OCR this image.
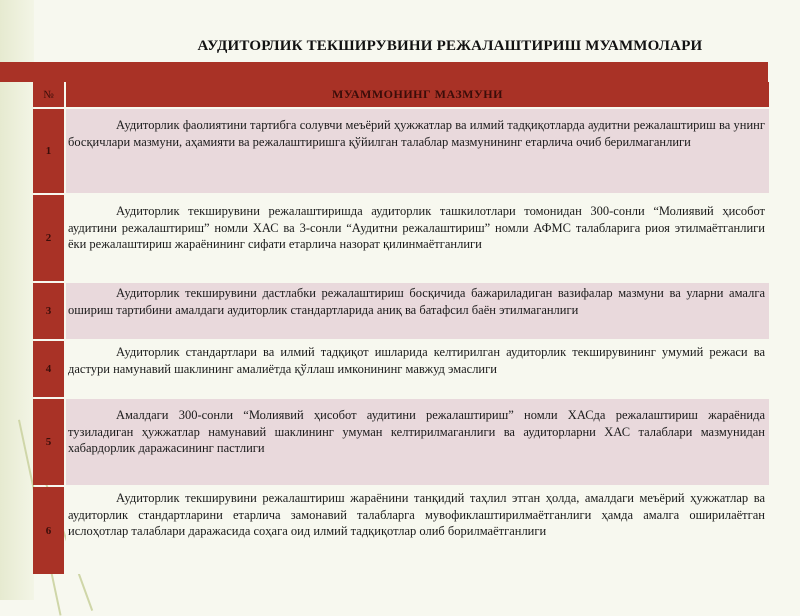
АУДИТОРЛИК ТЕКШИРУВИНИ РЕЖАЛАШТИРИШ МУАММОЛАРИ
№	МУАММОНИНГ МАЗМУНИ
1
Аудиторлик фаолиятини тартибга солувчи меъёрий ҳужжатлар ва илмий тадқиқотларда аудитни режалаштириш ва унинг босқичлари мазмуни, аҳамияти ва режалаштиришга қўйилган талаблар мазмунининг етарлича очиб берилмаганлиги
2
Аудиторлик текширувини режалаштиришда аудиторлик ташкилотлари томонидан 300-сонли “Молиявий ҳисобот аудитини режалаштириш” номли ХАС ва 3-сонли “Аудитни режалаштириш” номли АФМС талабларига риоя этилмаётганлиги ёки режалаштириш жараёнининг сифати етарлича назорат қилинмаётганлиги
3
Аудиторлик текширувини дастлабки режалаштириш босқичида бажариладиган вазифалар мазмуни ва уларни амалга ошириш тартибини амалдаги аудиторлик стандартларида аниқ ва батафсил баён этилмаганлиги
4
Аудиторлик стандартлари ва илмий тадқиқот ишларида келтирилган аудиторлик текширувининг умумий режаси ва дастури намунавий шаклининг амалиётда қўллаш имконининг мавжуд эмаслиги
5
Амалдаги 300-сонли “Молиявий ҳисобот аудитини режалаштириш” номли ХАСда режалаштириш жараёнида тузиладиган ҳужжатлар намунавий шаклининг умуман келтирилмаганлиги ва аудиторларни ХАС талаблари мазмунидан хабардорлик даражасининг пастлиги
6
Аудиторлик текширувини режалаштириш жараёнини танқидий таҳлил этган ҳолда, амалдаги меъёрий ҳужжатлар ва аудиторлик стандартларини етарлича замонавий талабларга мувофиклаштирилмаётганлиги ҳамда амалга оширилаётган ислоҳотлар талаблари даражасида соҳага оид илмий тадқиқотлар олиб борилмаётганлиги
